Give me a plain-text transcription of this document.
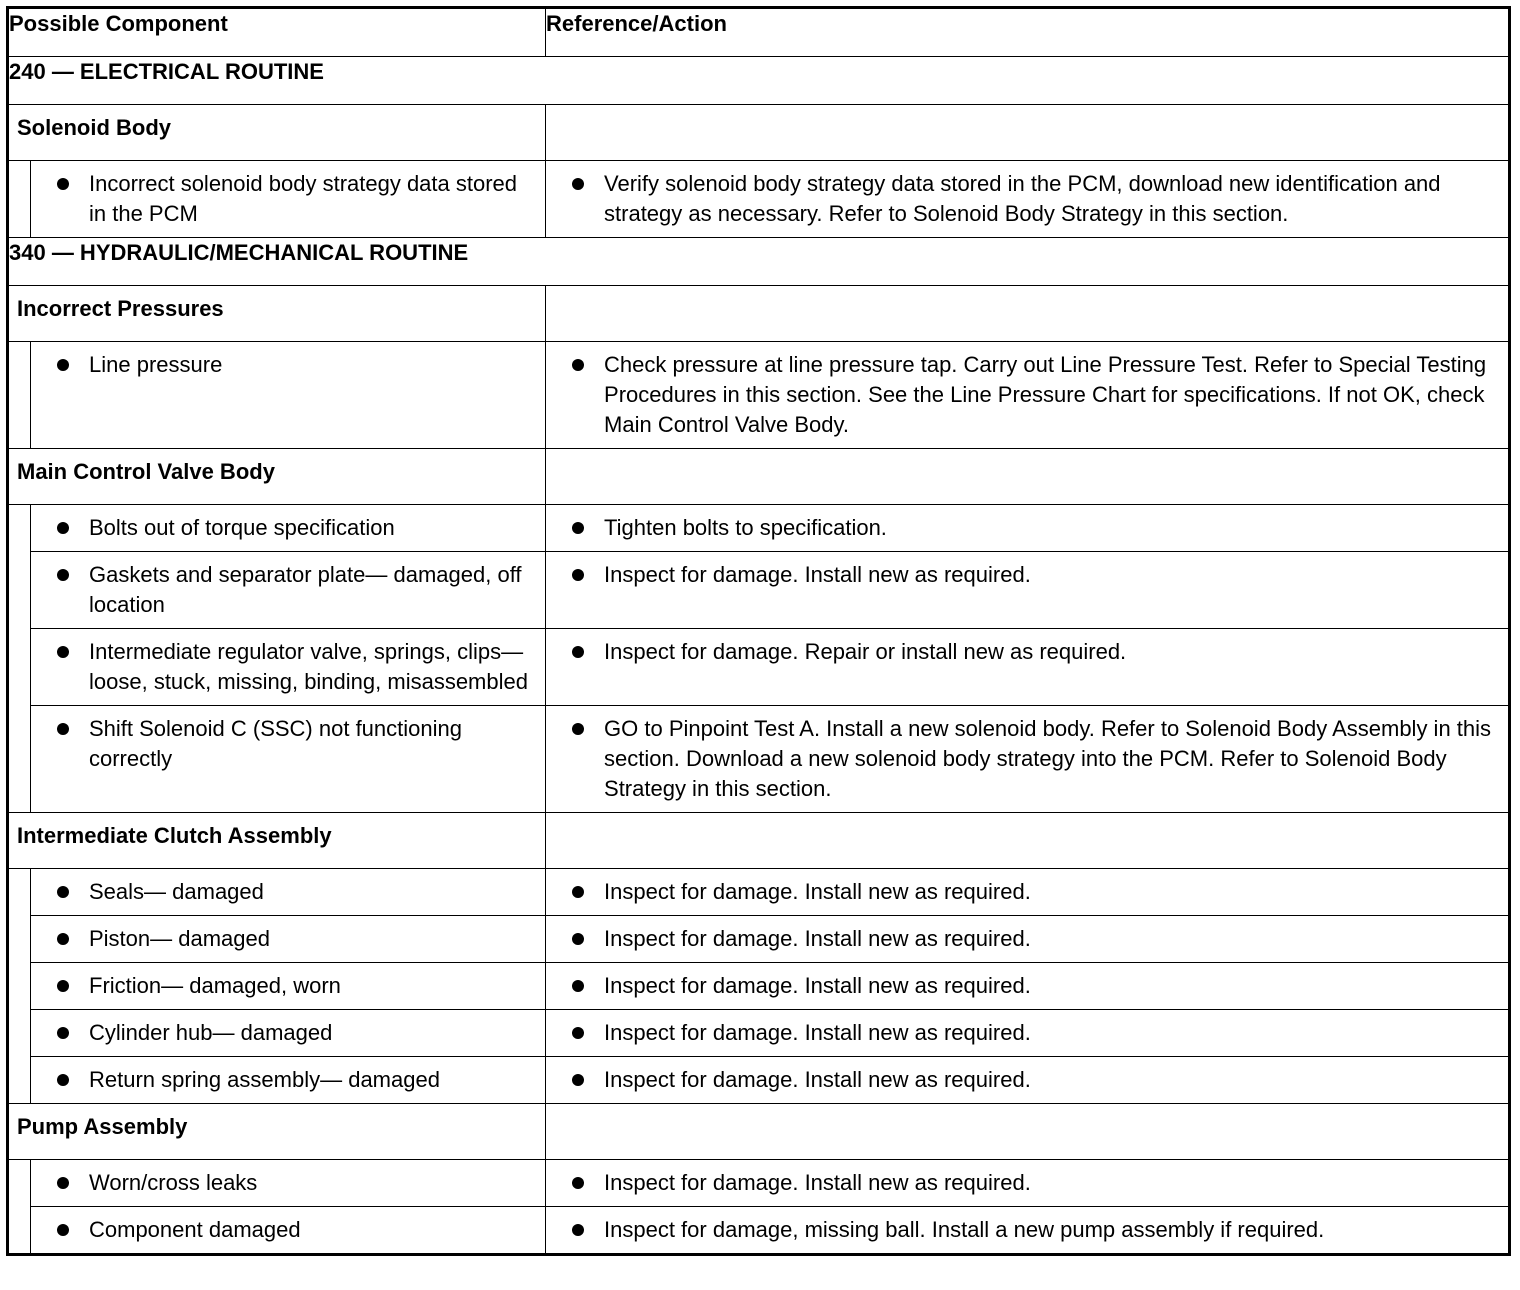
Possible Component		Reference/Action
240 — ELECTRICAL ROUTINE		
Solenoid Body		

Incorrect solenoid body strategy data stored in the PCM	Verify solenoid body strategy data stored in the PCM, download new identification and strategy as necessary. Refer to Solenoid Body Strategy in this section.

340 — HYDRAULIC/MECHANICAL ROUTINE		
Incorrect Pressures		

Line pressure	Check pressure at line pressure tap. Carry out Line Pressure Test. Refer to Special Testing Procedures in this section. See the Line Pressure Chart for specifications. If not OK, check Main Control Valve Body.

Main Control Valve Body		

Bolts out of torque specification	Tighten bolts to specification.

Gaskets and separator plate— damaged, off location	Inspect for damage. Install new as required.

Intermediate regulator valve, springs, clips— loose, stuck, missing, binding, misassembled	Inspect for damage. Repair or install new as required.

Shift Solenoid C (SSC) not functioning correctly	GO to Pinpoint Test A. Install a new solenoid body. Refer to Solenoid Body Assembly in this section. Download a new solenoid body strategy into the PCM. Refer to Solenoid Body Strategy in this section.

Intermediate Clutch Assembly		

Seals— damaged	Inspect for damage. Install new as required.

Piston— damaged	Inspect for damage. Install new as required.

Friction— damaged, worn	Inspect for damage. Install new as required.

Cylinder hub— damaged	Inspect for damage. Install new as required.

Return spring assembly— damaged	Inspect for damage. Install new as required.

Pump Assembly		

Worn/cross leaks	Inspect for damage. Install new as required.

Component damaged	Inspect for damage, missing ball. Install a new pump assembly if required.
